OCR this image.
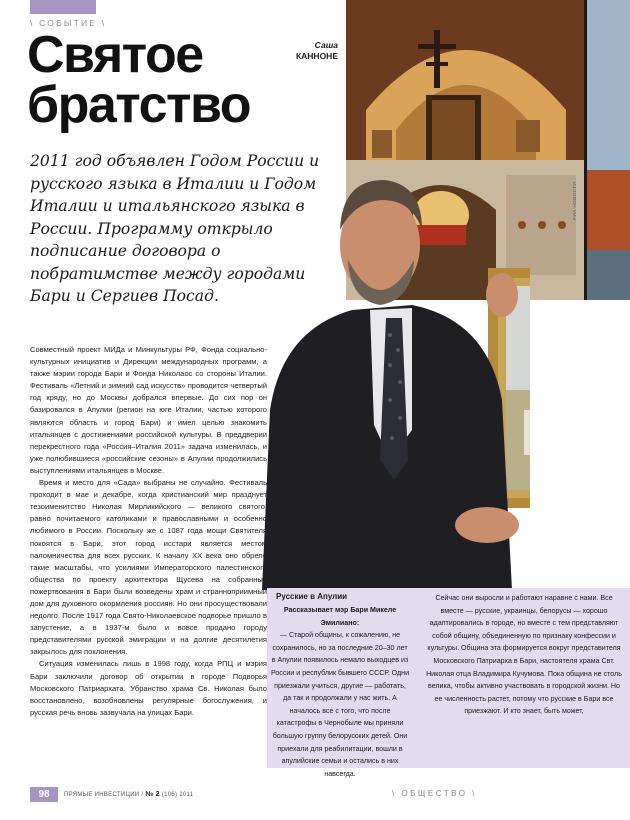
\ СОБЫТИЕ \
Святое
братство
Саша
КАННОНЕ
2011 год объявлен Годом России и русского языка в Италии и Годом Италии и итальянского языка в России. Программу открыло подписание договора о побратимстве между городами Бари и Сергиев Посад.
РИА НОВОСТИ

Совместный проект МИДа и Минкультуры РФ, Фонда социально-культурных инициатив и Дирекции международных программ, а также мэрии города Бари и Фонда Николаос со стороны Италии. Фестиваль «Летний и зимний сад искусств» проводится четвертый год кряду, но до Москвы добрался впервые. До сих пор он базировался в Апулии (регион на юге Италии, частью которого являются область и город Бари) и имел целью знакомить итальянцев с достижениями российской культуры. В преддверии перекрестного года «Россия–Италия 2011» задача изменилась, и уже полюбившиеся «российские сезоны» в Апулии продолжились выступлениями итальянцев в Москве.

Время и место для «Сада» выбраны не случайно. Фестиваль проходит в мае и декабре, когда христианский мир празднует тезоименитство Николая Мирликийского — великого святого, равно почитаемого католиками и православными и особенно любимого в России. Поскольку же с 1087 года мощи Святителя покоятся в Бари, этот город исстари является местом паломничества для всех русских. К началу XX века оно обрело такие масштабы, что усилиями Императорского палестинского общества по проекту архитектора Щусева на собранные пожертвования в Бари были возведены храм и странноприимный дом для духовного окормления россиян. Но они просуществовали недолго. После 1917 года Свято-Николаевское подворье пришло в запустение, а в 1937-м было и вовсе продано городу представителями русской эмиграции и на долгие десятилетия закрылось для поклонения.

Ситуация изменилась лишь в 1998 году, когда РПЦ и мэрия Бари заключили договор об открытии в городе Подворья Московского Патриархата. Убранство храма Св. Николая было восстановлено, возобновлены регулярные богослужения, и русская речь вновь зазвучала на улицах Бари.

Русские в Апулии
Рассказывает мэр Бари Микеле Эмилиано:
— Старой общины, к сожалению, не сохранилось, но за последние 20–30 лет в Апулии появилось немало выходцев из России и республик бывшего СССР. Одни приезжали учиться, другие — работать, да так и продолжали у нас жить. А началось все с того, что после катастрофы в Чернобыле мы приняли большую группу белорусских детей. Они приехали для реабилитации, вошли в апулийские семьи и остались в них навсегда.
Сейчас они выросли и работают наравне с нами. Все вместе — русские, украинцы, белорусы — хорошо адаптировались в городе, но вместе с тем представляют собой общину, объединенную по признаку конфессии и культуры. Община эта формируется вокруг представителя Московского Патриарха в Бари, настоятеля храма Свт. Николая отца Владимира Кучумова. Пока община не столь велика, чтобы активно участвовать в городской жизни. Но ее численность растет, потому что русские в Бари все приезжают. И кто знает, быть может,
98	ПРЯМЫЕ ИНВЕСТИЦИИ / № 2 (106) 2011	\ ОБЩЕСТВО \
